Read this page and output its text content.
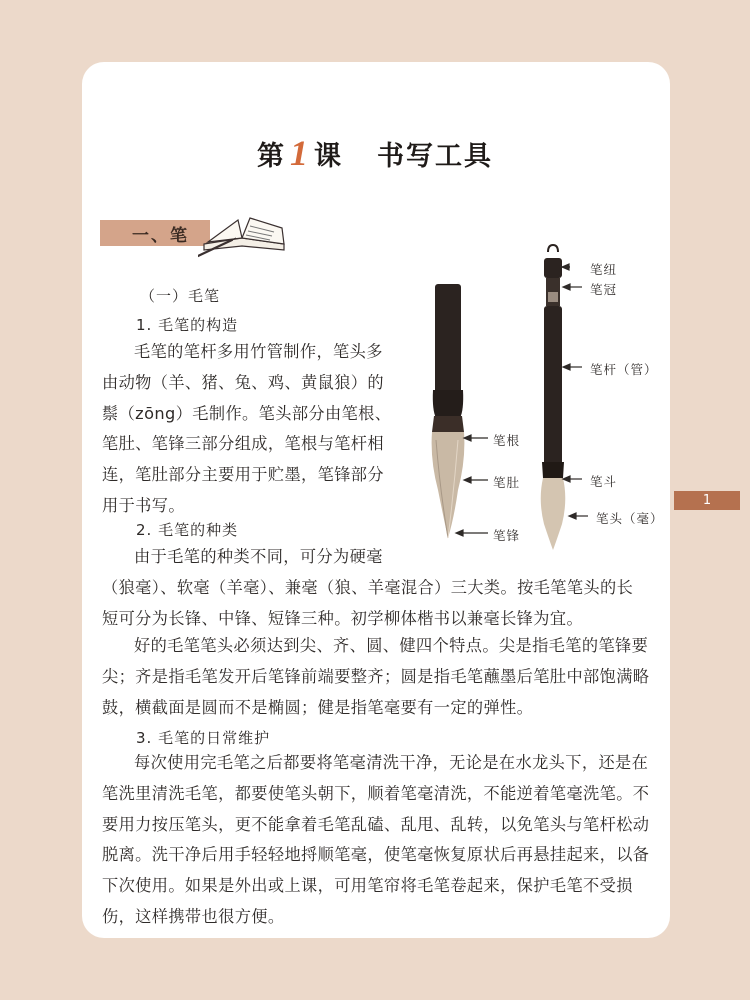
第 1 课 书写工具
一、笔
（一）毛笔
1. 毛笔的构造
毛笔的笔杆多用竹管制作，笔头多
由动物（羊、猪、兔、鸡、黄鼠狼）的
鬃（zōng）毛制作。笔头部分由笔根、
笔肚、笔锋三部分组成，笔根与笔杆相
连，笔肚部分主要用于贮墨，笔锋部分
用于书写。
2. 毛笔的种类
由于毛笔的种类不同，可分为硬毫
（狼毫）、软毫（羊毫）、兼毫（狼、羊毫混合）三大类。按毛笔笔头的长
短可分为长锋、中锋、短锋三种。初学柳体楷书以兼毫长锋为宜。
好的毛笔笔头必须达到尖、齐、圆、健四个特点。尖是指毛笔的笔锋要
尖；齐是指毛笔发开后笔锋前端要整齐；圆是指毛笔蘸墨后笔肚中部饱满略
鼓，横截面是圆而不是椭圆；健是指笔毫要有一定的弹性。
3. 毛笔的日常维护
每次使用完毛笔之后都要将笔毫清洗干净，无论是在水龙头下，还是在
笔洗里清洗毛笔，都要使笔头朝下，顺着笔毫清洗，不能逆着笔毫洗笔。不
要用力按压笔头，更不能拿着毛笔乱磕、乱甩、乱转，以免笔头与笔杆松动
脱离。洗干净后用手轻轻地捋顺笔毫，使笔毫恢复原状后再悬挂起来，以备
下次使用。如果是外出或上课，可用笔帘将毛笔卷起来，保护毛笔不受损
伤，这样携带也很方便。
笔根
笔肚
笔锋
笔纽
笔冠
笔杆（管）
笔斗
笔头（毫）
1
